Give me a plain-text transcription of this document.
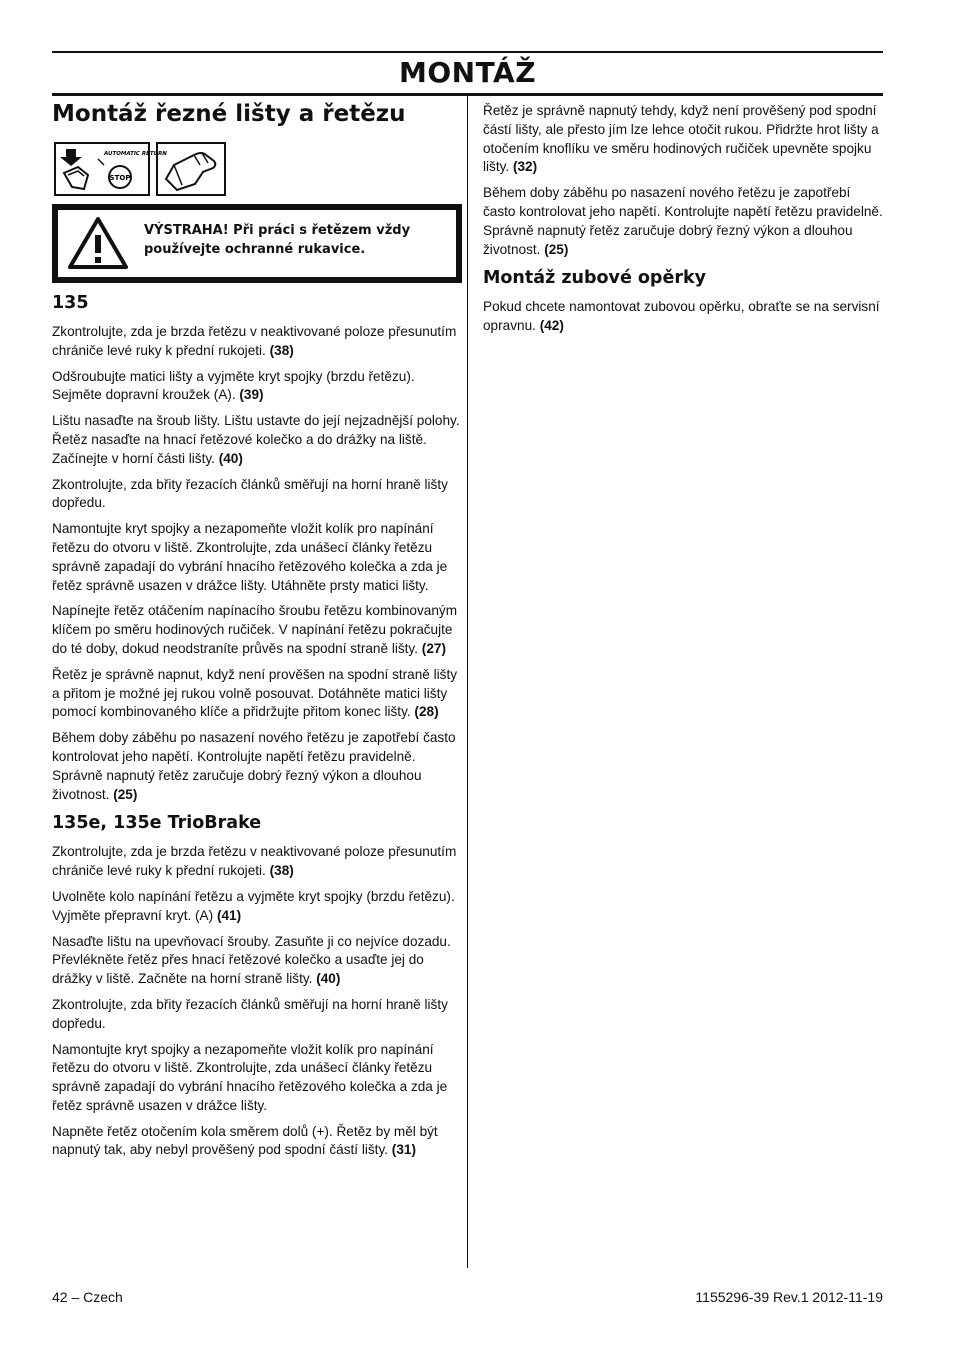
MONTÁŽ
Montáž řezné lišty a řetězu
AUTOMATIC RETURN
STOP
VÝSTRAHA! Při práci s řetězem vždy používejte ochranné rukavice.
135

Zkontrolujte, zda je brzda řetězu v neaktivované poloze přesunutím chrániče levé ruky k přední rukojeti. (38)

Odšroubujte matici lišty a vyjměte kryt spojky (brzdu řetězu). Sejměte dopravní kroužek (A). (39)

Lištu nasaďte na šroub lišty. Lištu ustavte do její nejzadnější polohy. Řetěz nasaďte na hnací řetězové kolečko a do drážky na liště. Začínejte v horní části lišty. (40)

Zkontrolujte, zda břity řezacích článků směřují na horní hraně lišty dopředu.

Namontujte kryt spojky a nezapomeňte vložit kolík pro napínání řetězu do otvoru v liště. Zkontrolujte, zda unášecí články řetězu správně zapadají do vybrání hnacího řetězového kolečka a zda je řetěz správně usazen v drážce lišty. Utáhněte prsty matici lišty.

Napínejte řetěz otáčením napínacího šroubu řetězu kombinovaným klíčem po směru hodinových ručiček. V napínání řetězu pokračujte do té doby, dokud neodstraníte průvěs na spodní straně lišty. (27)

Řetěz je správně napnut, když není prověšen na spodní straně lišty a přitom je možné jej rukou volně posouvat. Dotáhněte matici lišty pomocí kombinovaného klíče a přidržujte přitom konec lišty. (28)

Během doby záběhu po nasazení nového řetězu je zapotřebí často kontrolovat jeho napětí. Kontrolujte napětí řetězu pravidelně. Správně napnutý řetěz zaručuje dobrý řezný výkon a dlouhou životnost. (25)

135e, 135e TrioBrake

Zkontrolujte, zda je brzda řetězu v neaktivované poloze přesunutím chrániče levé ruky k přední rukojeti. (38)

Uvolněte kolo napínání řetězu a vyjměte kryt spojky (brzdu řetězu). Vyjměte přepravní kryt. (A) (41)

Nasaďte lištu na upevňovací šrouby. Zasuňte ji co nejvíce dozadu. Převlékněte řetěz přes hnací řetězové kolečko a usaďte jej do drážky v liště. Začněte na horní straně lišty. (40)

Zkontrolujte, zda břity řezacích článků směřují na horní hraně lišty dopředu.

Namontujte kryt spojky a nezapomeňte vložit kolík pro napínání řetězu do otvoru v liště. Zkontrolujte, zda unášecí články řetězu správně zapadají do vybrání hnacího řetězového kolečka a zda je řetěz správně usazen v drážce lišty.

Napněte řetěz otočením kola směrem dolů (+). Řetěz by měl být napnutý tak, aby nebyl prověšený pod spodní částí lišty. (31)

Řetěz je správně napnutý tehdy, když není prověšený pod spodní částí lišty, ale přesto jím lze lehce otočit rukou. Přidržte hrot lišty a otočením knoflíku ve směru hodinových ručiček upevněte spojku lišty. (32)

Během doby záběhu po nasazení nového řetězu je zapotřebí často kontrolovat jeho napětí. Kontrolujte napětí řetězu pravidelně. Správně napnutý řetěz zaručuje dobrý řezný výkon a dlouhou životnost. (25)

Montáž zubové opěrky

Pokud chcete namontovat zubovou opěrku, obraťte se na servisní opravnu. (42)

42 – Czech	1155296-39 Rev.1 2012-11-19
